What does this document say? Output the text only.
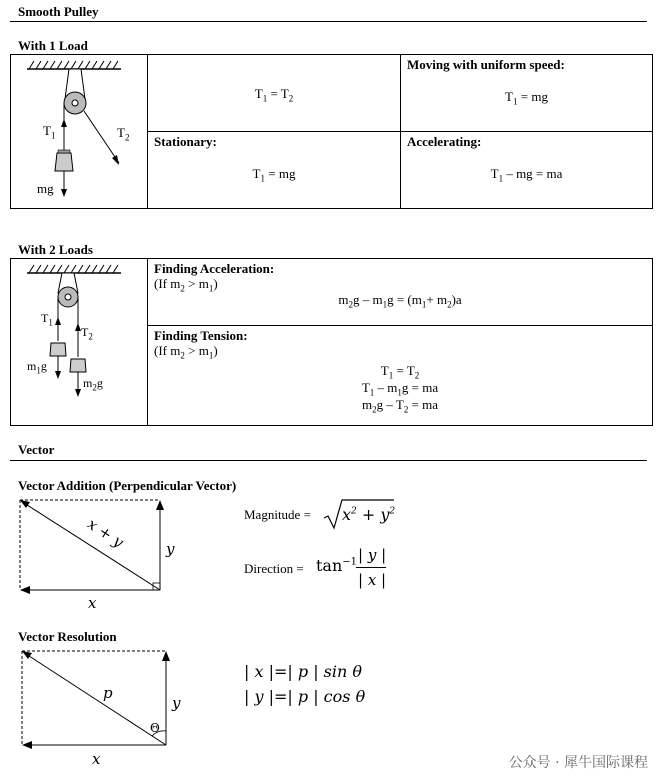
Smooth Pulley
With 1 Load
$T_1$	$T_2$
mg
$T_1 = T_2$
Moving with uniform speed:
$T_1$ = mg
Stationary:
$T_1$ = mg
Accelerating:
$T_1$ – mg = ma
With 2 Loads
$T_1$
$T_2$
$m_1g$
$m_2g$
Finding Acceleration:
(If $m_2 > m_1$)
$m_2g - m_1g = (m_1+ m_2)a$
Finding Tension:
(If $m_2 > m_1$)
$T_1 = T_2$
$T_1 - m_1g$ = ma
$m_2g - T_2$ = ma
Vector
Vector Addition (Perpendicular Vector)
x + y	y
x
Magnitude = $x^2 + y^2$
Direction = $\tan^{-1}$ | y |
| x |
Vector Resolution
p
y
Θ
x
| x |=| p | sin θ
| y |=| p | cos θ
公众号 · 犀牛国际课程
